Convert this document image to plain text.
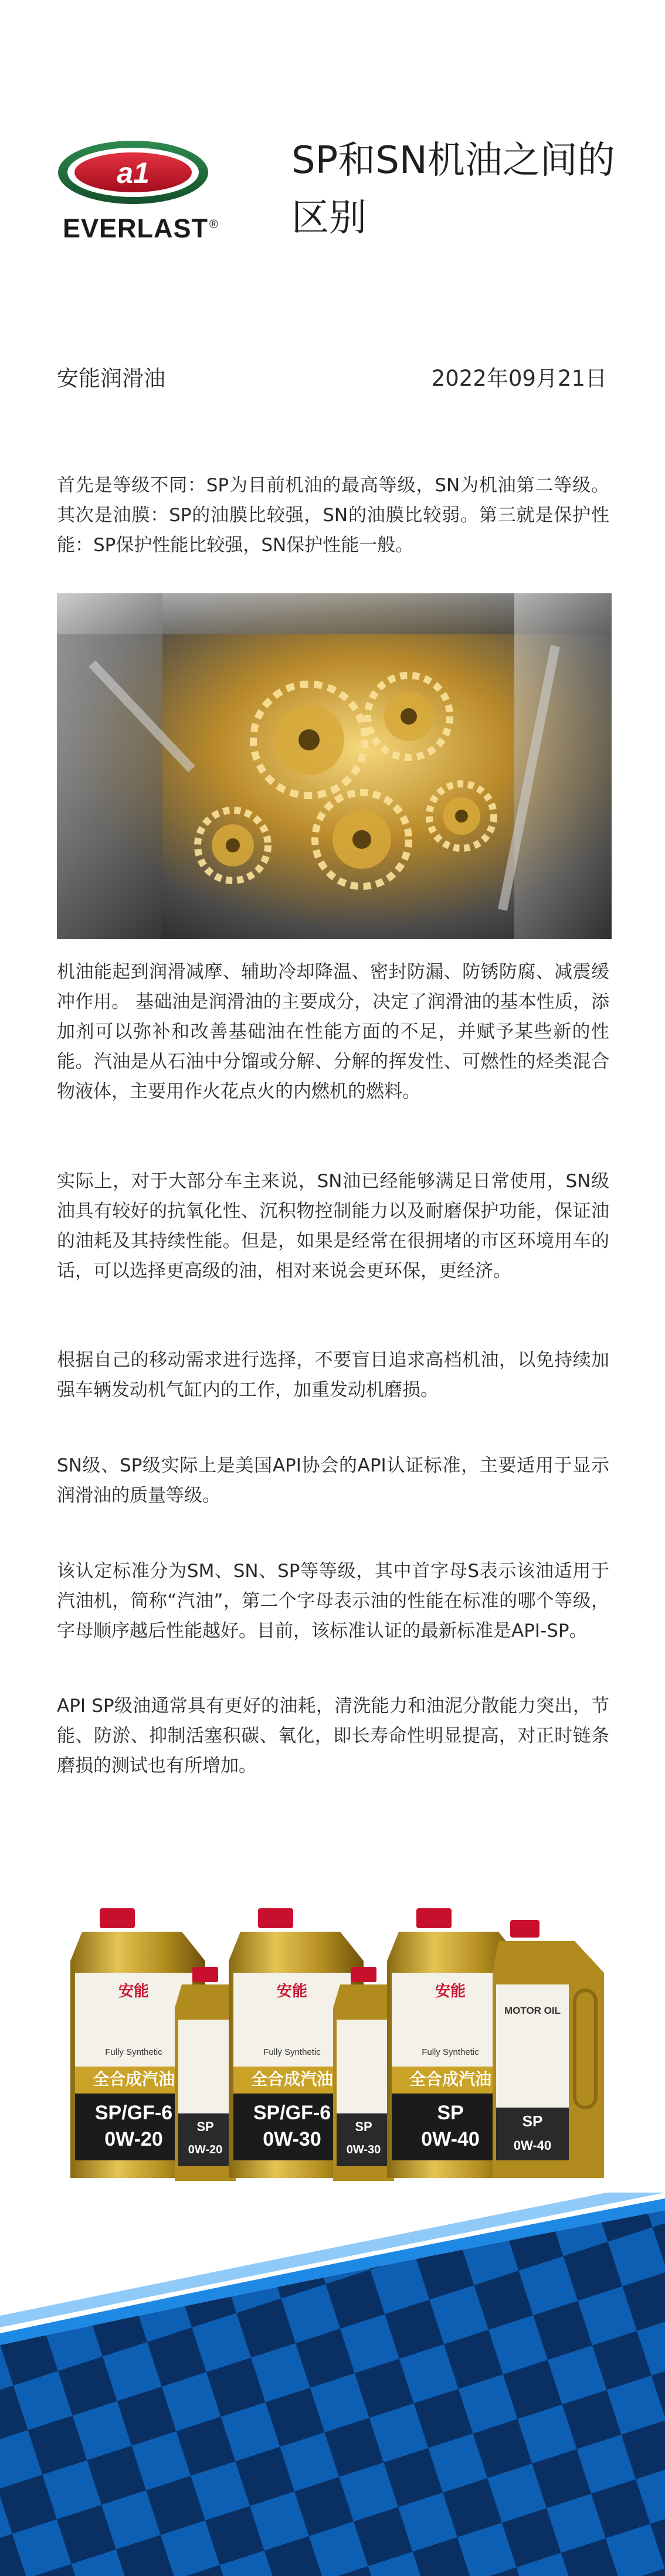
a1
EVERLAST ®
SP和SN机油之间的区别
安能润滑油	2022年09月21日

首先是等级不同：SP为目前机油的最高等级，SN为机油第二等级。其次是油膜：SP的油膜比较强，SN的油膜比较弱。第三就是保护性能：SP保护性能比较强，SN保护性能一般。

机油能起到润滑减摩、辅助冷却降温、密封防漏、防锈防腐、减震缓冲作用。 基础油是润滑油的主要成分，决定了润滑油的基本性质，添加剂可以弥补和改善基础油在性能方面的不足，并赋予某些新的性能。汽油是从石油中分馏或分解、分解的挥发性、可燃性的烃类混合物液体，主要用作火花点火的内燃机的燃料。

实际上，对于大部分车主来说，SN油已经能够满足日常使用，SN级油具有较好的抗氧化性、沉积物控制能力以及耐磨保护功能，保证油的油耗及其持续性能。但是，如果是经常在很拥堵的市区环境用车的话，可以选择更高级的油，相对来说会更环保，更经济。

根据自己的移动需求进行选择，不要盲目追求高档机油，以免持续加强车辆发动机气缸内的工作，加重发动机磨损。

SN级、SP级实际上是美国API协会的API认证标准，主要适用于显示润滑油的质量等级。

该认定标准分为SM、SN、SP等等级，其中首字母S表示该油适用于汽油机，简称“汽油”，第二个字母表示油的性能在标准的哪个等级，字母顺序越后性能越好。目前，该标准认证的最新标准是API-SP。

API SP级油通常具有更好的油耗，清洗能力和油泥分散能力突出，节能、防淤、抑制活塞积碳、氧化，即长寿命性明显提高，对正时链条磨损的测试也有所增加。

安能
Fully Synthetic
全合成汽油
SP/GF-6
0W-20
SP
0W-20
安能
Fully Synthetic
全合成汽油
SP/GF-6
0W-30
SP
0W-30
安能
Fully Synthetic
全合成汽油
SP
0W-40
MOTOR OIL
SP
0W-40
